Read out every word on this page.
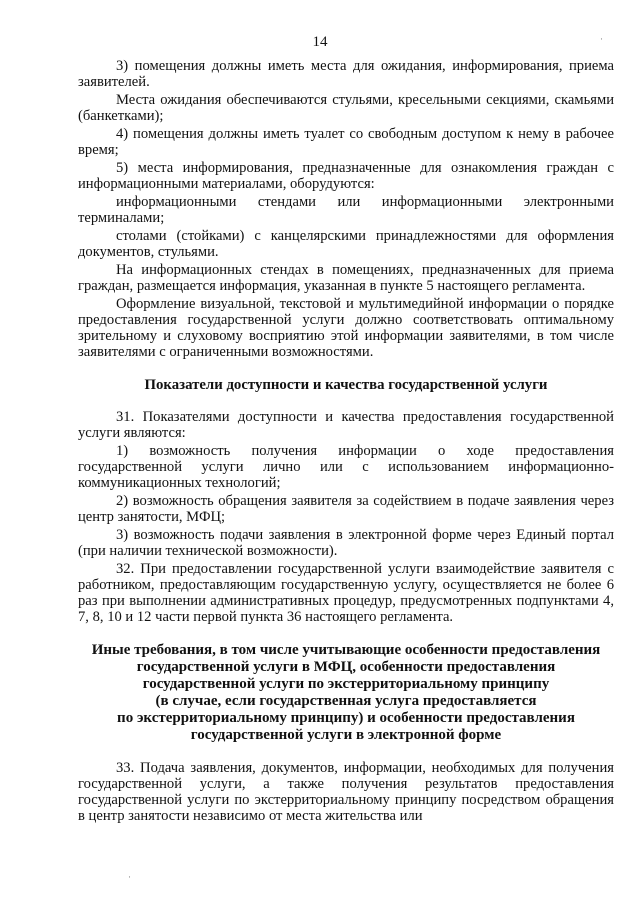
14	·

3) помещения должны иметь места для ожидания, информирования, приема заявителей.

Места ожидания обеспечиваются стульями, кресельными секциями, скамьями (банкетками);

4) помещения должны иметь туалет со свободным доступом к нему в рабочее время;

5) места информирования, предназначенные для ознакомления граждан с информационными материалами, оборудуются:

информационными стендами или информационными электронными терминалами;

столами (стойками) с канцелярскими принадлежностями для оформления документов, стульями.

На информационных стендах в помещениях, предназначенных для приема граждан, размещается информация, указанная в пункте 5 настоящего регламента.

Оформление визуальной, текстовой и мультимедийной информации о порядке предоставления государственной услуги должно соответствовать оптимальному зрительному и слуховому восприятию этой информации заявителями, в том числе заявителями с ограниченными возможностями.

Показатели доступности и качества государственной услуги

31. Показателями доступности и качества предоставления государственной услуги являются:

1) возможность получения информации о ходе предоставления государственной услуги лично или с использованием информационно-коммуникационных технологий;

2) возможность обращения заявителя за содействием в подаче заявления через центр занятости, МФЦ;

3) возможность подачи заявления в электронной форме через Единый портал (при наличии технической возможности).

32. При предоставлении государственной услуги взаимодействие заявителя с работником, предоставляющим государственную услугу, осуществляется не более 6 раз при выполнении административных процедур, предусмотренных подпунктами 4, 7, 8, 10 и 12 части первой пункта 36 настоящего регламента.

Иные требования, в том числе учитывающие особенности предоставления
государственной услуги в МФЦ, особенности предоставления
государственной услуги по экстерриториальному принципу
(в случае, если государственная услуга предоставляется
по экстерриториальному принципу) и особенности предоставления
государственной услуги в электронной форме

33. Подача заявления, документов, информации, необходимых для получения государственной услуги, а также получения результатов предоставления государственной услуги по экстерриториальному принципу посредством обращения в центр занятости независимо от места жительства или

·
